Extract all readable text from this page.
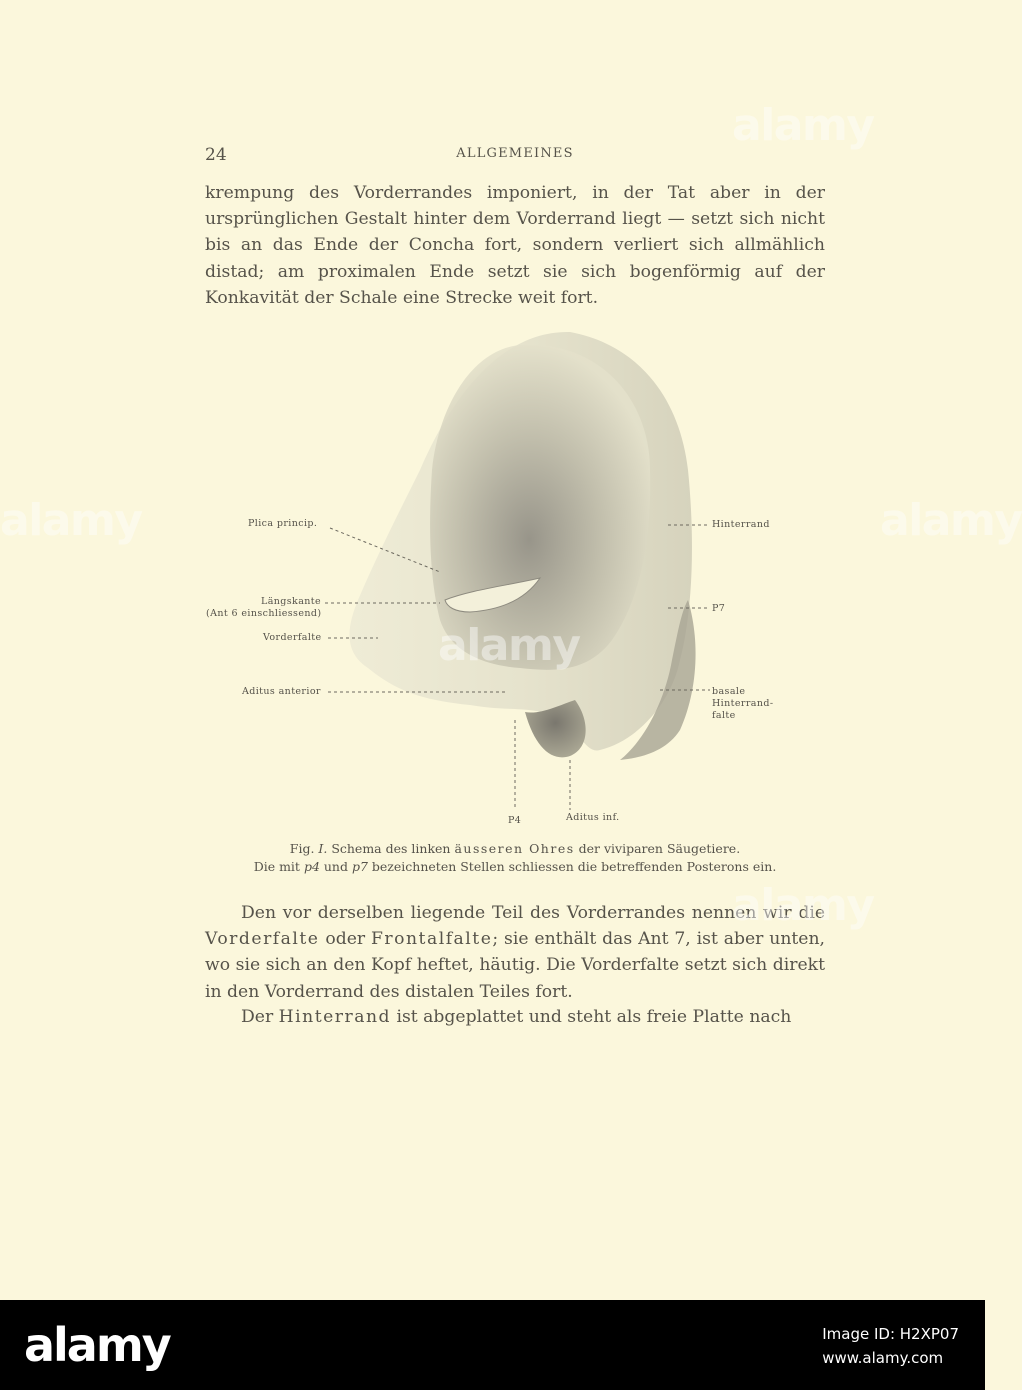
24	ALLGEMEINES

krempung des Vorderrandes imponiert, in der Tat aber in der ursprünglichen Gestalt hinter dem Vorderrand liegt — setzt sich nicht bis an das Ende der Concha fort, sondern verliert sich allmählich distad; am proximalen Ende setzt sie sich bogenförmig auf der Konkavität der Schale eine Strecke weit fort.

Plica princip.
Längskante
(Ant 6 einschliessend)
Vorderfalte
Aditus anterior
Hinterrand
P7
basale
Hinterrand-
falte
P4	Aditus inf.
Fig. I. Schema des linken äusseren Ohres der viviparen Säugetiere.
Die mit p4 und p7 bezeichneten Stellen schliessen die betreffenden Posterons ein.

Den vor derselben liegende Teil des Vorderrandes nennen wir die Vorderfalte oder Frontalfalte; sie enthält das Ant 7, ist aber unten, wo sie sich an den Kopf heftet, häutig. Die Vorderfalte setzt sich direkt in den Vorderrand des distalen Teiles fort.

Der Hinterrand ist abgeplattet und steht als freie Platte nach

alamy
alamy	alamy
alamy
alamy
alamy	Image ID: H2XP07
www.alamy.com
